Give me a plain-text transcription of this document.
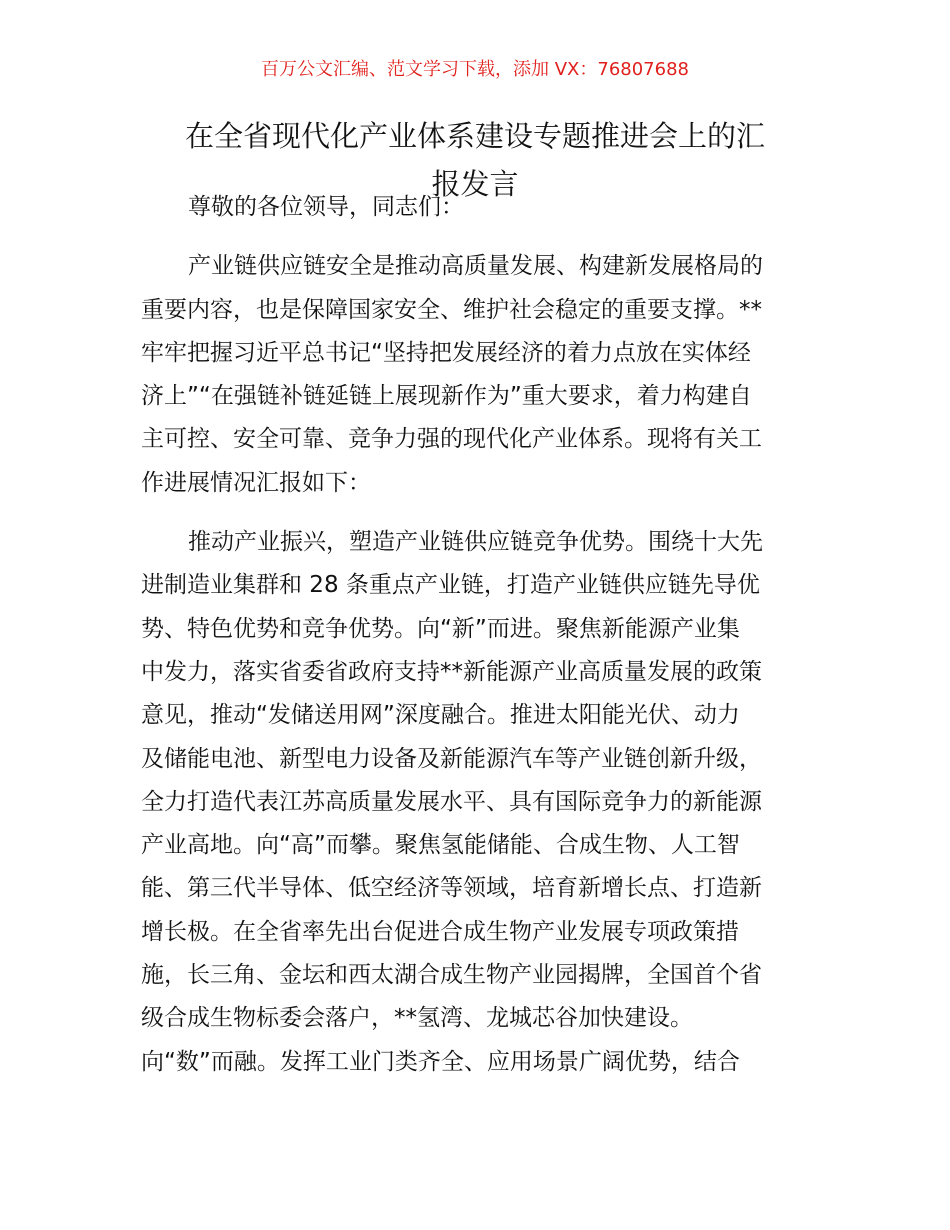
百万公文汇编、范文学习下载，添加 VX：76807688
在全省现代化产业体系建设专题推进会上的汇
报发言
尊敬的各位领导，同志们：
产业链供应链安全是推动高质量发展、构建新发展格局的
重要内容，也是保障国家安全、维护社会稳定的重要支撑。**
牢牢把握习近平总书记“坚持把发展经济的着力点放在实体经
济上”“在强链补链延链上展现新作为”重大要求，着力构建自
主可控、安全可靠、竞争力强的现代化产业体系。现将有关工
作进展情况汇报如下：
推动产业振兴，塑造产业链供应链竞争优势。围绕十大先
进制造业集群和 28 条重点产业链，打造产业链供应链先导优
势、特色优势和竞争优势。向“新”而进。聚焦新能源产业集
中发力，落实省委省政府支持**新能源产业高质量发展的政策
意见，推动“发储送用网”深度融合。推进太阳能光伏、动力
及储能电池、新型电力设备及新能源汽车等产业链创新升级，
全力打造代表江苏高质量发展水平、具有国际竞争力的新能源
产业高地。向“高”而攀。聚焦氢能储能、合成生物、人工智
能、第三代半导体、低空经济等领域，培育新增长点、打造新
增长极。在全省率先出台促进合成生物产业发展专项政策措
施，长三角、金坛和西太湖合成生物产业园揭牌，全国首个省
级合成生物标委会落户，**氢湾、龙城芯谷加快建设。
向“数”而融。发挥工业门类齐全、应用场景广阔优势，结合
